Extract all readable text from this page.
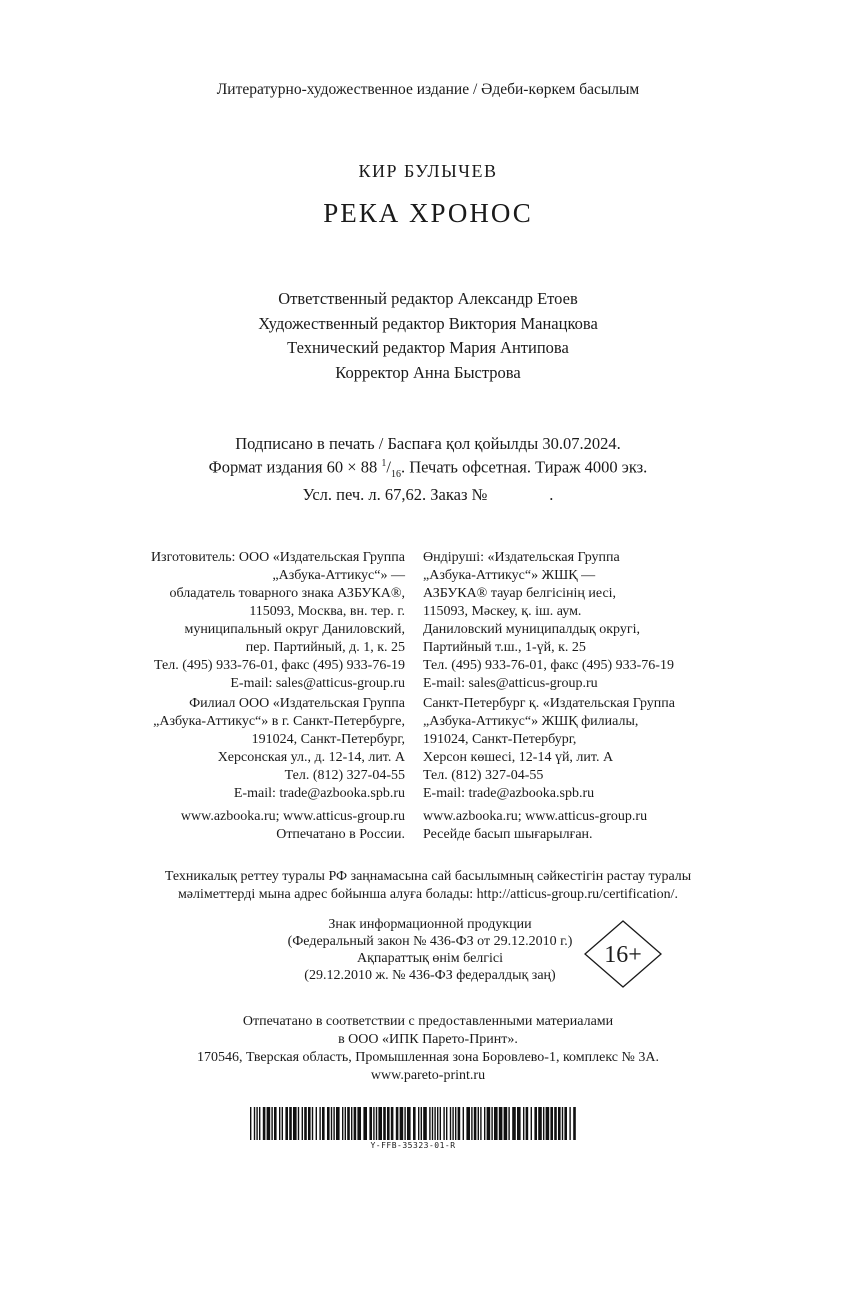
Литературно-художественное издание / Әдеби-көркем басылым
КИР БУЛЫЧЕВ
РЕКА ХРОНОС
Ответственный редактор Александр Етоев
Художественный редактор Виктория Манацкова
Технический редактор Мария Антипова
Корректор Анна Быстрова
Подписано в печать / Баспаға қол қойылды 30.07.2024.
Формат издания 60 × 88 $^1/_{16}$. Печать офсетная. Тираж 4000 экз.
Усл. печ. л. 67,62. Заказ №               .
Изготовитель: ООО «Издательская Группа
„Азбука-Аттикус“» —
обладатель товарного знака АЗБУКА®,
115093, Москва, вн. тер. г.
муниципальный округ Даниловский,
пер. Партийный, д. 1, к. 25
Тел. (495) 933-76-01, факс (495) 933-76-19
E-mail: sales@atticus-group.ru
Өндіруші: «Издательская Группа
„Азбука-Аттикус“» ЖШҚ —
АЗБУКА® тауар белгісінің иесі,
115093, Мәскеу, қ. іш. аум.
Даниловский муниципалдық округі,
Партийный т.ш., 1-үй, к. 25
Тел. (495) 933-76-01, факс (495) 933-76-19
E-mail: sales@atticus-group.ru
Филиал ООО «Издательская Группа
„Азбука-Аттикус“» в г. Санкт-Петербурге,
191024, Санкт-Петербург,
Херсонская ул., д. 12-14, лит. А
Тел. (812) 327-04-55
E-mail: trade@azbooka.spb.ru
Санкт-Петербург қ. «Издательская Группа
„Азбука-Аттикус“» ЖШҚ филиалы,
191024, Санкт-Петербург,
Херсон көшесі, 12-14 үй, лит. А
Тел. (812) 327-04-55
E-mail: trade@azbooka.spb.ru
www.azbooka.ru; www.atticus-group.ru
Отпечатано в России.
www.azbooka.ru; www.atticus-group.ru
Ресейде басып шығарылған.
Техникалық реттеу туралы РФ заңнамасына сай басылымның сәйкестігін растау туралы
мәліметтерді мына адрес бойынша алуға болады: http://atticus-group.ru/certification/.
Знак информационной продукции
(Федеральный закон № 436-ФЗ от 29.12.2010 г.)
Ақпараттық өнім белгісі
(29.12.2010 ж. № 436-ФЗ федералдық заң)
16+
Отпечатано в соответствии с предоставленными материалами
в ООО «ИПК Парето-Принт».
170546, Тверская область, Промышленная зона Боровлево-1, комплекс № 3А.
www.pareto-print.ru
Y-FFB-35323-01-R
